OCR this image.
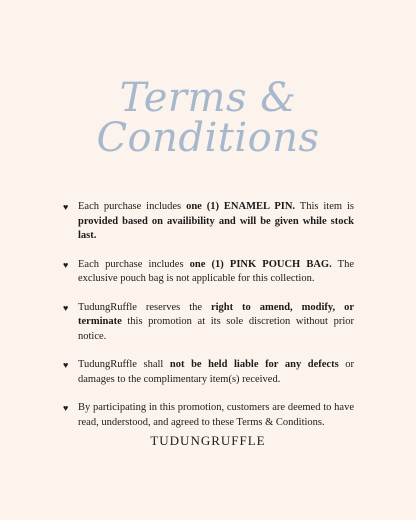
Terms &
Conditions
♥ Each purchase includes one (1) ENAMEL PIN. This item is provided based on availibility and will be given while stock last.
♥ Each purchase includes one (1) PINK POUCH BAG. The exclusive pouch bag is not applicable for this collection.
♥ TudungRuffle reserves the right to amend, modify, or terminate this promotion at its sole discretion without prior notice.
♥ TudungRuffle shall not be held liable for any defects or damages to the complimentary item(s) received.
♥ By participating in this promotion, customers are deemed to have read, understood, and agreed to these Terms & Conditions.
TUDUNGRUFFLE
